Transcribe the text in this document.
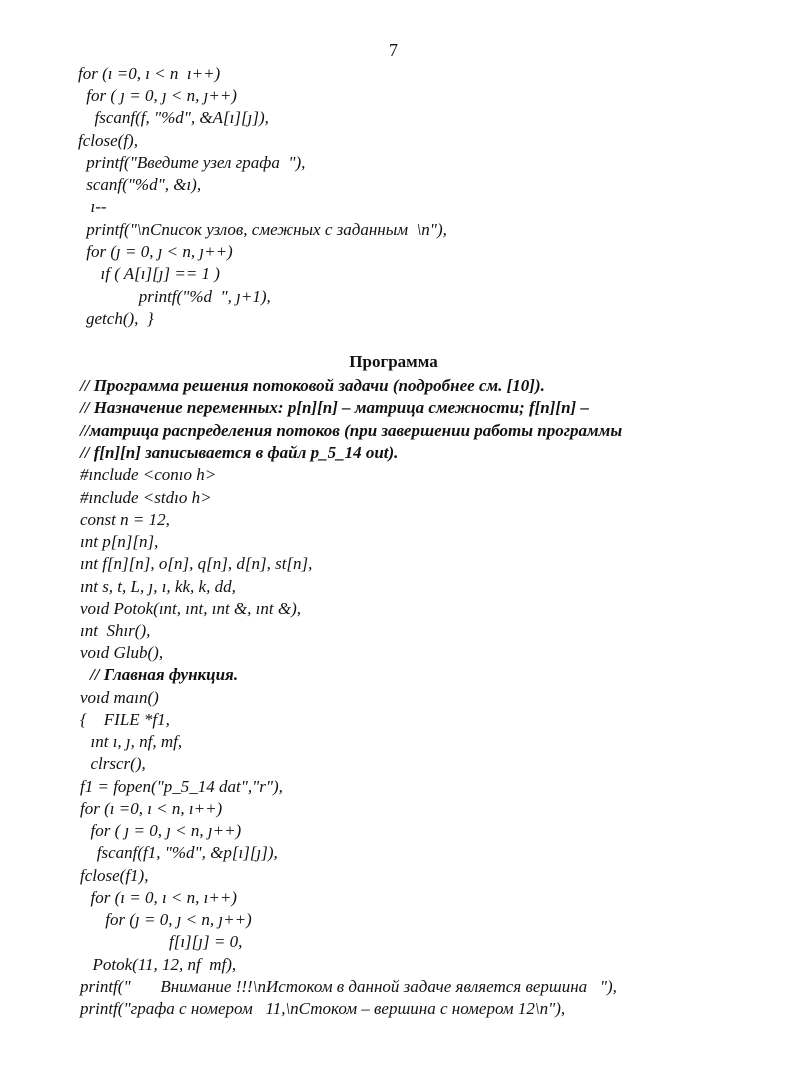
7
for (ı =0, ı < n  ı++)
for ( ȷ = 0, ȷ < n, ȷ++)
fscanf(f, "%d", &A[ı][ȷ]),
fclose(f),
printf("Введите узел графа  "),
scanf("%d", &ı),
ı--
printf("\nСписок узлов, смежных с заданным  \n"),
for (ȷ = 0, ȷ < n, ȷ++)
ıf ( A[ı][ȷ] == 1 )
printf("%d  ", ȷ+1),
getch(),  }
Программа
// Программа решения потоковой задачи (подробнее см. [10]).
// Назначение переменных: p[n][n] – матрица смежности; f[n][n] –
//матрица распределения потоков (при завершении работы программы
// f[n][n] записывается в файл p_5_14 out).
#ınclude <conıo h>
#ınclude <stdıo h>
const n = 12,
ınt p[n][n],
ınt f[n][n], o[n], q[n], d[n], st[n],
ınt s, t, L, ȷ, ı, kk, k, dd,
voıd Potok(ınt, ınt, ınt &, ınt &),
ınt  Shır(),
voıd Glub(),
// Главная функция.
voıd maın()
{    FILE *f1,
ınt ı, ȷ, nf, mf,
clrscr(),
f1 = fopen("p_5_14 dat","r"),
for (ı =0, ı < n, ı++)
for ( ȷ = 0, ȷ < n, ȷ++)
fscanf(f1, "%d", &p[ı][ȷ]),
fclose(f1),
for (ı = 0, ı < n, ı++)
for (ȷ = 0, ȷ < n, ȷ++)
f[ı][ȷ] = 0,
Potok(11, 12, nf  mf),
printf("       Внимание !!!\nИстоком в данной задаче является вершина   "),
printf("графа с номером   11,\nСтоком – вершина с номером 12\n"),
